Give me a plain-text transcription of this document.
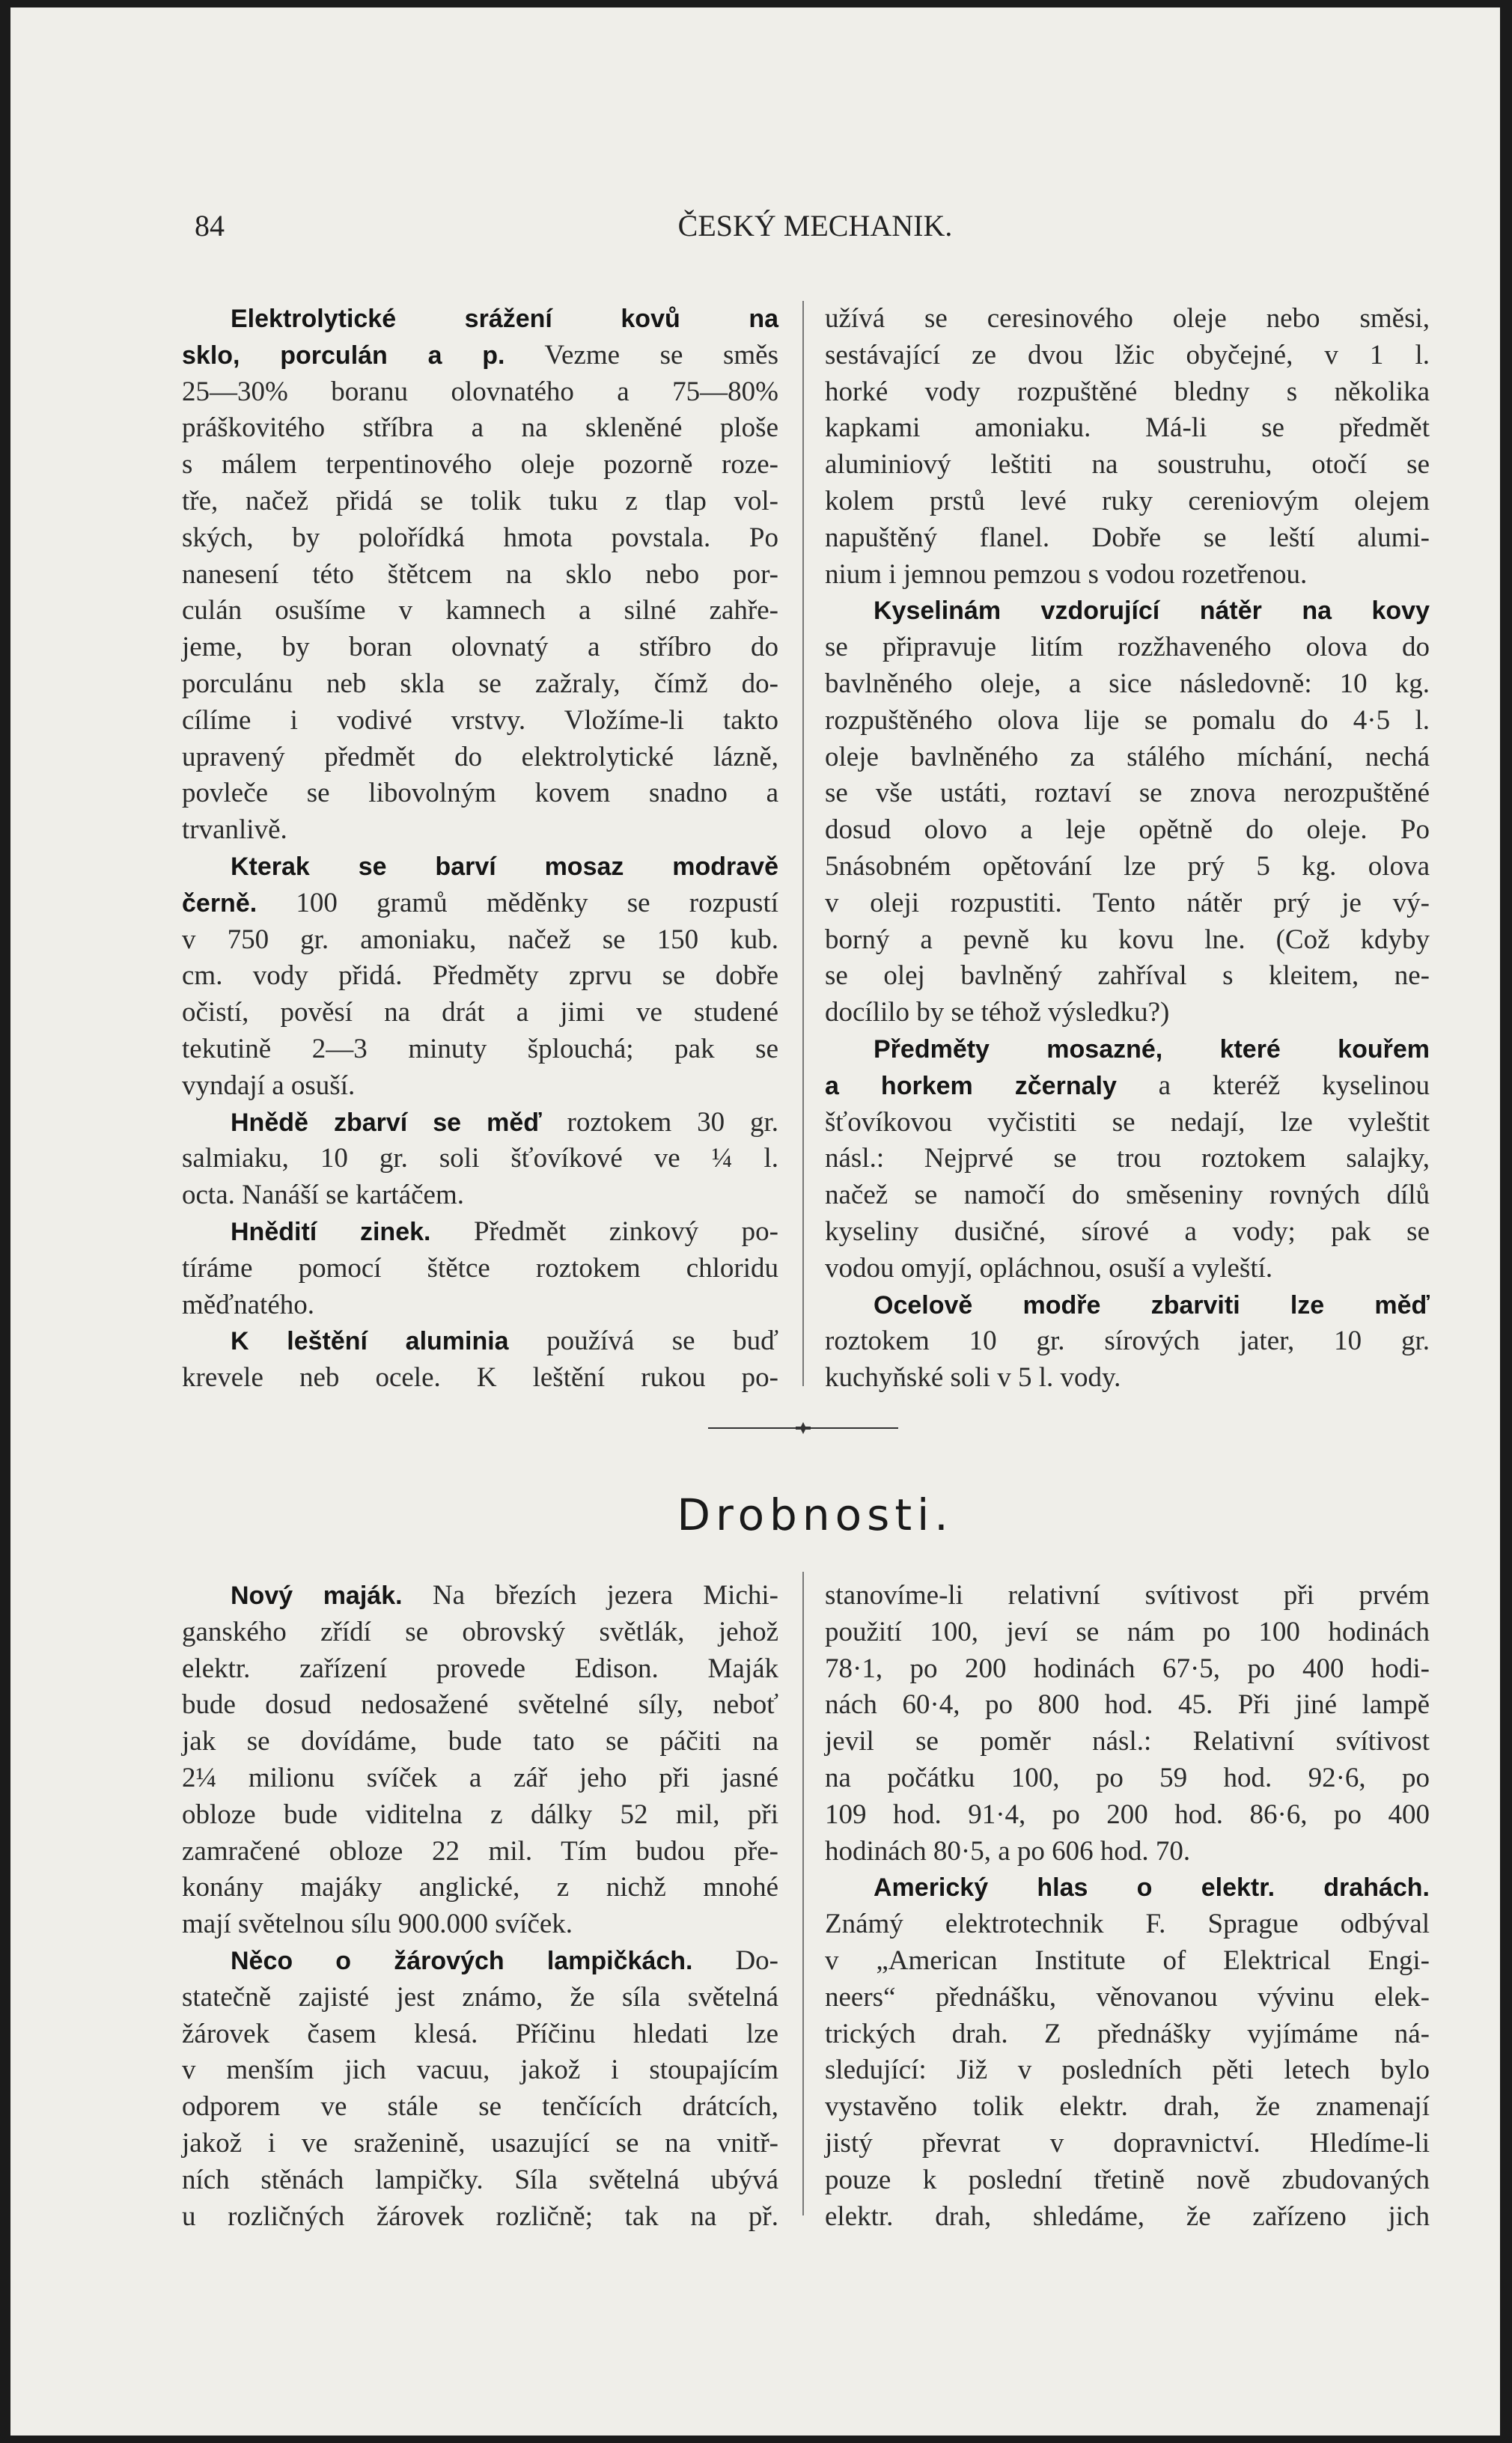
84	ČESKÝ MECHANIK.
Elektrolytické srážení kovů na
sklo, porculán a p. Vezme se směs
25—30% boranu olovnatého a 75—80%
práškovitého stříbra a na skleněné ploše
s málem terpentinového oleje pozorně roze-
tře, načež přidá se tolik tuku z tlap vol-
ských, by polořídká hmota povstala. Po
nanesení této štětcem na sklo nebo por-
culán osušíme v kamnech a silné zahře-
jeme, by boran olovnatý a stříbro do
porculánu neb skla se zažraly, čímž do-
cílíme i vodivé vrstvy. Vložíme-li takto
upravený předmět do elektrolytické lázně,
povleče se libovolným kovem snadno a
trvanlivě.
Kterak se barví mosaz modravě
černě. 100 gramů měděnky se rozpustí
v 750 gr. amoniaku, načež se 150 kub.
cm. vody přidá. Předměty zprvu se dobře
očistí, pověsí na drát a jimi ve studené
tekutině 2—3 minuty šplouchá; pak se
vyndají a osuší.
Hnědě zbarví se měď roztokem 30 gr.
salmiaku, 10 gr. soli šťovíkové ve ¼ l.
octa. Nanáší se kartáčem.
Hnědití zinek. Předmět zinkový po-
tíráme pomocí štětce roztokem chloridu
měďnatého.
K leštění aluminia používá se buď
krevele neb ocele. K leštění rukou po-
užívá se ceresinového oleje nebo směsi,
sestávající ze dvou lžic obyčejné, v 1 l.
horké vody rozpuštěné bledny s několika
kapkami amoniaku. Má-li se předmět
aluminiový leštiti na soustruhu, otočí se
kolem prstů levé ruky cereniovým olejem
napuštěný flanel. Dobře se leští alumi-
nium i jemnou pemzou s vodou rozetřenou.
Kyselinám vzdorující nátěr na kovy
se připravuje litím rozžhaveného olova do
bavlněného oleje, a sice následovně: 10 kg.
rozpuštěného olova lije se pomalu do 4·5 l.
oleje bavlněného za stálého míchání, nechá
se vše ustáti, roztaví se znova nerozpuštěné
dosud olovo a leje opětně do oleje. Po
5násobném opětování lze prý 5 kg. olova
v oleji rozpustiti. Tento nátěr prý je vý-
borný a pevně ku kovu lne. (Což kdyby
se olej bavlněný zahříval s kleitem, ne-
docílilo by se téhož výsledku?)
Předměty mosazné, které kouřem
a horkem zčernaly a kteréž kyselinou
šťovíkovou vyčistiti se nedají, lze vyleštit
násl.: Nejprvé se trou roztokem salajky,
načež se namočí do směseniny rovných dílů
kyseliny dusičné, sírové a vody; pak se
vodou omyjí, opláchnou, osuší a vyleští.
Ocelově modře zbarviti lze měď
roztokem 10 gr. sírových jater, 10 gr.
kuchyňské soli v 5 l. vody.
Drobnosti.
Nový maják. Na březích jezera Michi-
ganského zřídí se obrovský světlák, jehož
elektr. zařízení provede Edison. Maják
bude dosud nedosažené světelné síly, neboť
jak se dovídáme, bude tato se páčiti na
2¼ milionu svíček a zář jeho při jasné
obloze bude viditelna z dálky 52 mil, při
zamračené obloze 22 mil. Tím budou pře-
konány majáky anglické, z nichž mnohé
mají světelnou sílu 900.000 svíček.
Něco o žárových lampičkách. Do-
statečně zajisté jest známo, že síla světelná
žárovek časem klesá. Příčinu hledati lze
v menším jich vacuu, jakož i stoupajícím
odporem ve stále se tenčících drátcích,
jakož i ve sraženině, usazující se na vnitř-
ních stěnách lampičky. Síla světelná ubývá
u rozličných žárovek rozličně; tak na př.
stanovíme-li relativní svítivost při prvém
použití 100, jeví se nám po 100 hodinách
78·1, po 200 hodinách 67·5, po 400 hodi-
nách 60·4, po 800 hod. 45. Při jiné lampě
jevil se poměr násl.: Relativní svítivost
na počátku 100, po 59 hod. 92·6, po
109 hod. 91·4, po 200 hod. 86·6, po 400
hodinách 80·5, a po 606 hod. 70.
Americký hlas o elektr. drahách.
Známý elektrotechnik F. Sprague odbýval
v „American Institute of Elektrical Engi-
neers“ přednášku, věnovanou vývinu elek-
trických drah. Z přednášky vyjímáme ná-
sledující: Již v posledních pěti letech bylo
vystavěno tolik elektr. drah, že znamenají
jistý převrat v dopravnictví. Hledíme-li
pouze k poslední třetině nově zbudovaných
elektr. drah, shledáme, že zařízeno jich
